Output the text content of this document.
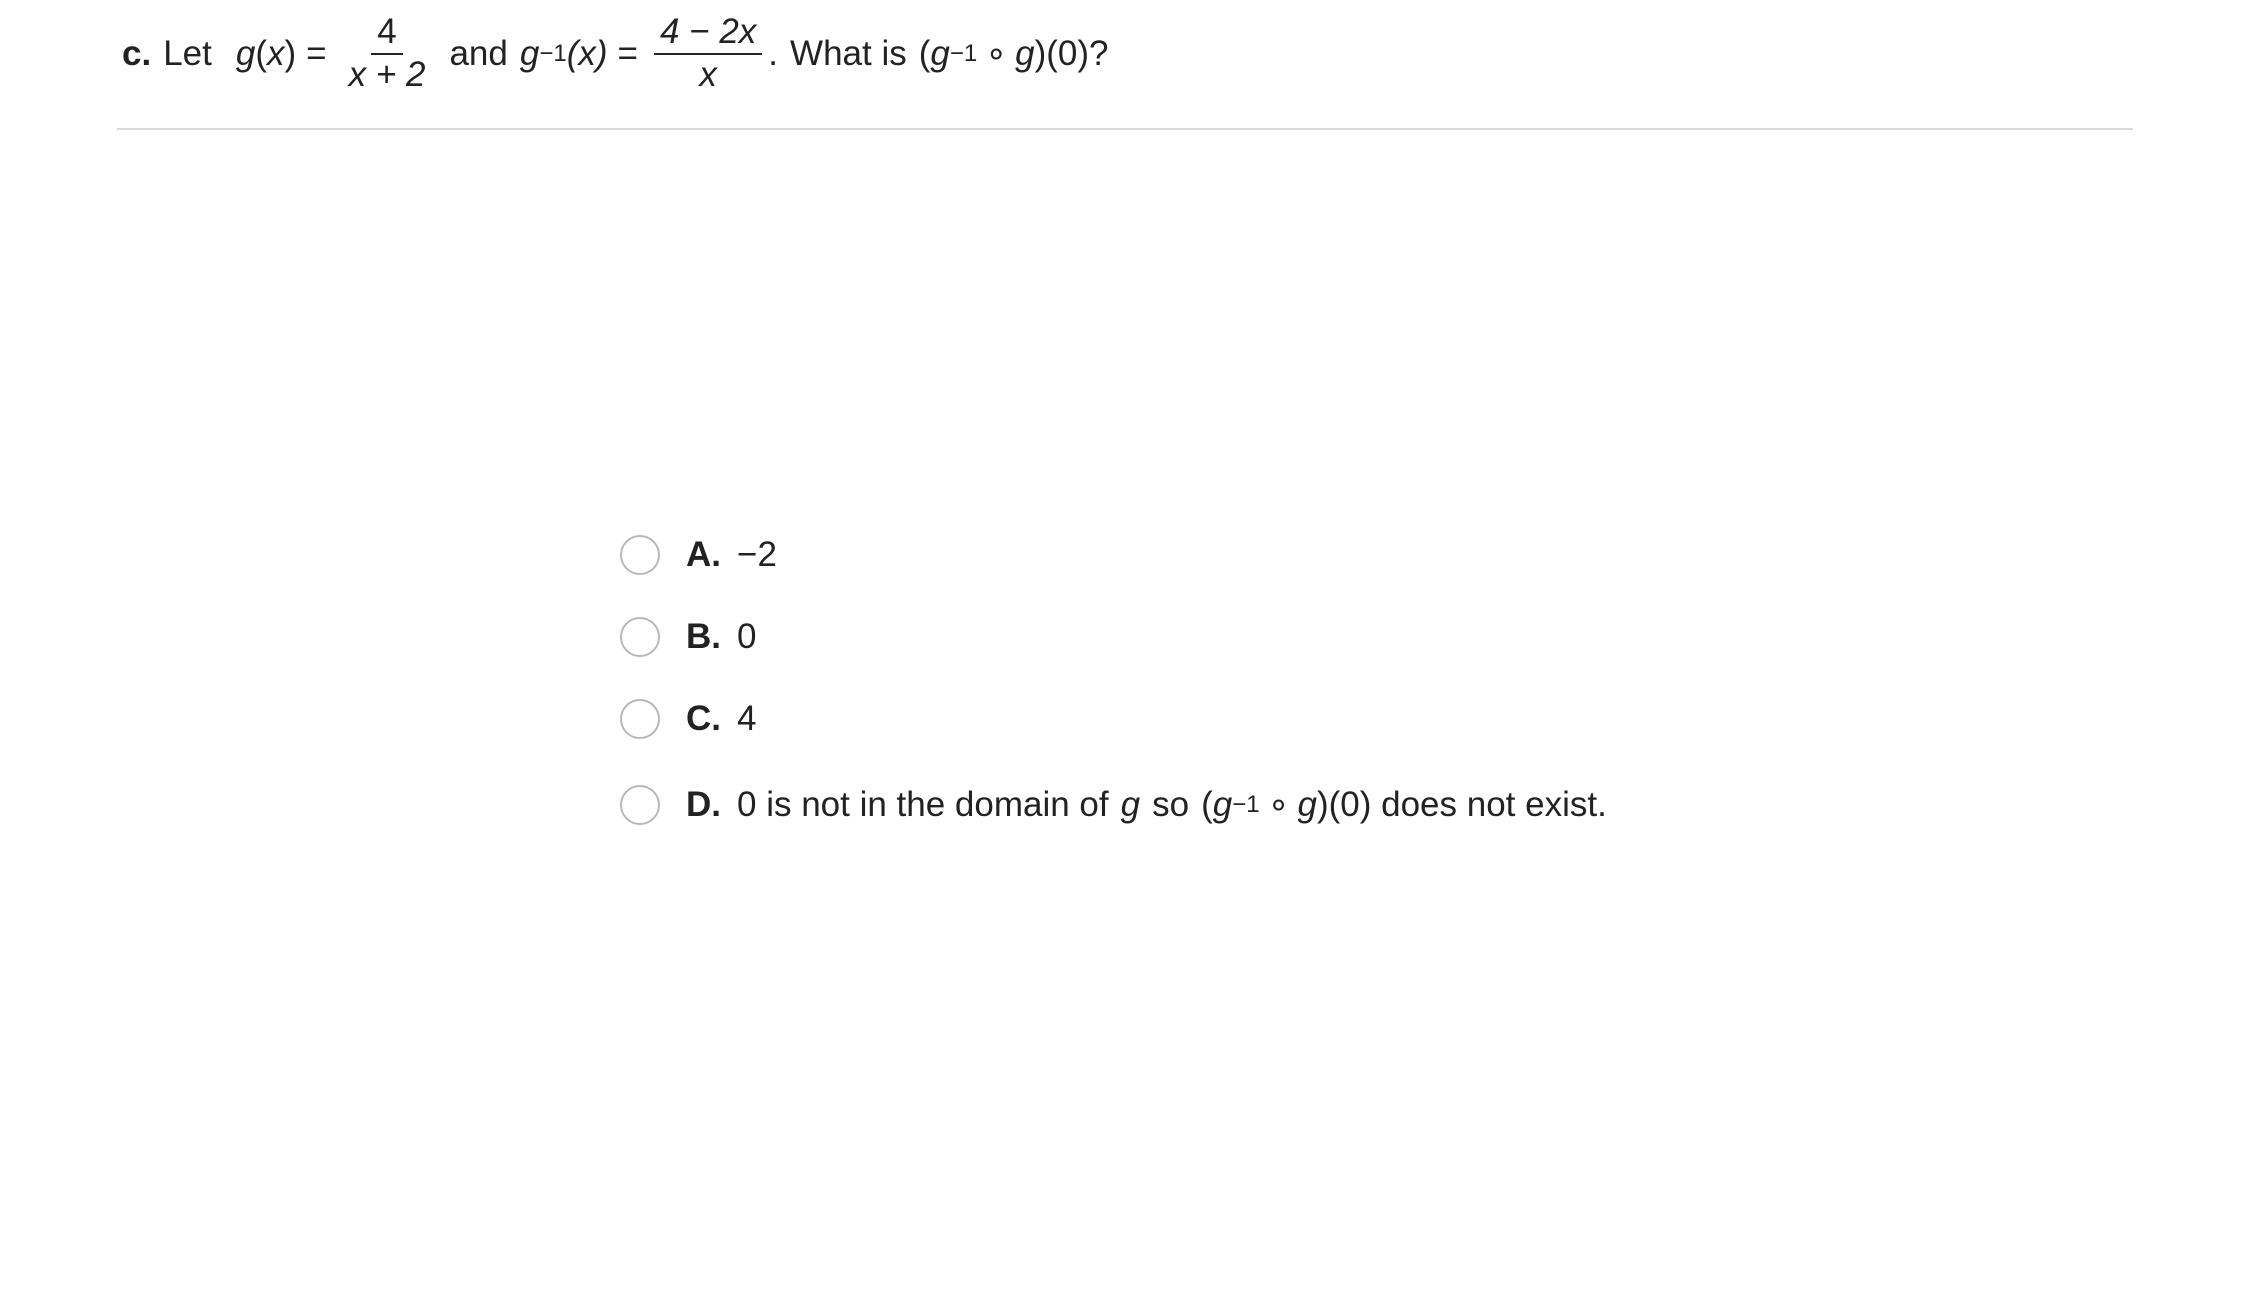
c. Let g ( x ) = $\frac{4}{x + 2}$ and g −1 $(x) = \frac{4 - 2x}{x}$ . What is ( g −1 ∘ g )(0)?
A. −2
B. 0
C. 4
D. 0 is not in the domain of g so ( g −1 ∘ g )(0) does not exist.
